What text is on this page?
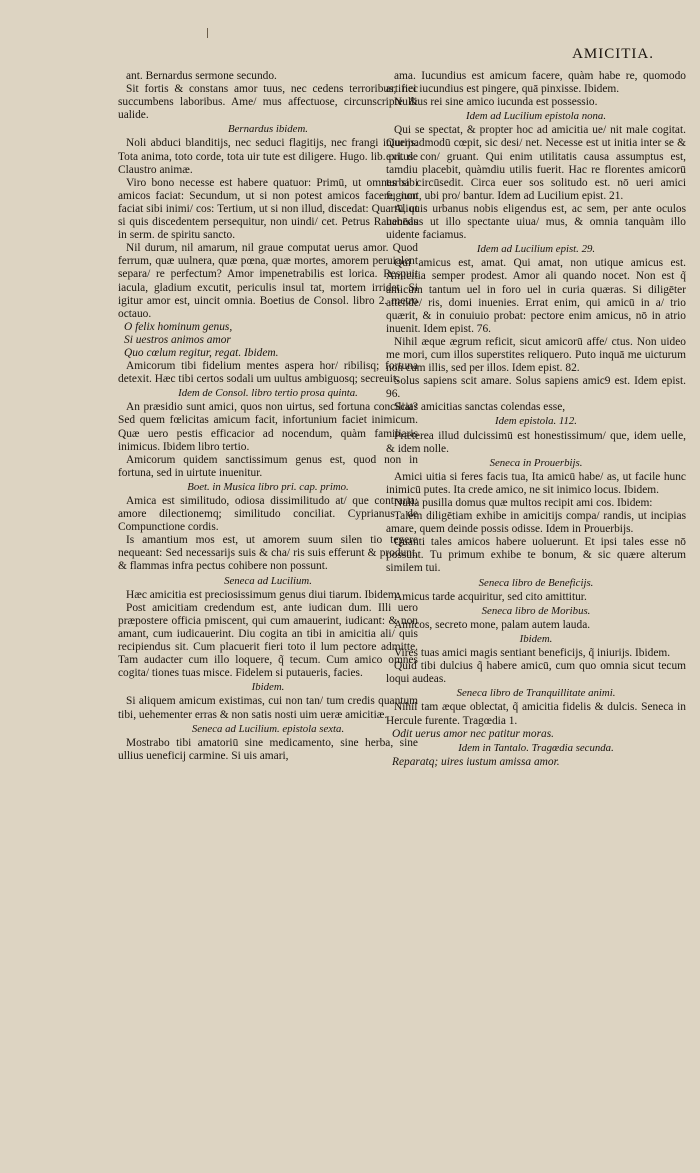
AMICITIA.

ant. Bernardus sermone secundo.

Sit fortis & constans amor tuus, nec cedens terroribus, nec succumbens laboribus. Ame/ mus affectuose, circunscripte & ualide.

Bernardus ibidem.

Noli abduci blanditijs, nec seduci flagitijs, nec frangi iniurijs. Tota anima, toto corde, tota uir tute est diligere. Hugo. lib. pri. de Claustro animæ.

Viro bono necesse est habere quatuor: Primū, ut omnes sibi amicos faciat: Secundum, ut si non potest amicos facere, non faciat sibi inimi/ cos: Tertium, ut si non illud, discedat: Quartū, ut si quis discedentem persequitur, non uindi/ cet. Petrus Rauennas in serm. de spiritu sancto.

Nil durum, nil amarum, nil graue computat uerus amor. Quod ferrum, quæ uulnera, quæ pœna, quæ mortes, amorem peruialent separa/ re perfectum? Amor impenetrabilis est lorica. Respuit iacula, gladium excutit, periculis insul tat, mortem irridet. Si igitur amor est, uincit omnia. Boetius de Consol. libro 2. metro octauo.

O felix hominum genus,

Si uestros animos amor

Quo cœlum regitur, regat. Ibidem.

Amicorum tibi fidelium mentes aspera hor/ ribilisq; fortuna detexit. Hæc tibi certos sodali um uultus ambiguosq; secreuit.

Idem de Consol. libro tertio prosa quinta.

An præsidio sunt amici, quos non uirtus, sed fortuna conciliat? Sed quem fœlicitas amicum facit, infortunium faciet inimicum. Quæ uero pestis efficacior ad nocendum, quàm familiaris inimicus. Ibidem libro tertio.

Amicorum quidem sanctissimum genus est, quod non in fortuna, sed in uirtute inuenitur.

Boet. in Musica libro pri. cap. primo.

Amica est similitudo, odiosa dissimilitudo at/ que contraria: amore dilectionemq; similitudo conciliat. Cyprianus de Compunctione cordis.

Is amantium mos est, ut amorem suum silen tio tegere nequeant: Sed necessarijs suis & cha/ ris suis efferunt & produnt, & flammas infra pectus cohibere non possunt.

Seneca ad Lucilium.

Hæc amicitia est preciosissimum genus diui tiarum. Ibidem.

Post amicitiam credendum est, ante iudican dum. Illi uero præpostere officia pmiscent, qui cum amauerint, iudicant: & non amant, cum iudicauerint. Diu cogita an tibi in amicitia ali/ quis recipiendus sit. Cum placuerit fieri toto il lum pectore admitte. Tam audacter cum illo loquere, q̃ tecum. Cum amico omnes cogita/ tiones tuas misce. Fidelem si putaueris, facies.

Ibidem.

Si aliquem amicum existimas, cui non tan/ tum credis quantum tibi, uehementer erras & non satis nosti uim ueræ amicitiæ.

Seneca ad Lucilium. epistola sexta.

Mostrabo tibi amatoriū sine medicamento, sine herba, sine ullius ueneficij carmine. Si uis amari,

ama. Iucundius est amicum facere, quàm habe re, quomodo artifici iucundius est pingere, quā pinxisse. Ibidem.

Nullius rei sine amico iucunda est possessio.

Idem ad Lucilium epistola nona.

Qui se spectat, & propter hoc ad amicitia ue/ nit male cogitat. Quemadmodū cœpit, sic desi/ net. Necesse est ut initia inter se & exitus con/ gruant. Qui enim utilitatis causa assumptus est, tamdiu placebit, quàmdiu utilis fuerit. Hac re florentes amicorū turba circūsedit. Circa euer sos solitudo est. nō ueri amici fugiunt, ubi pro/ bantur. Idem ad Lucilium epist. 21.

Aliquis urbanus nobis eligendus est, ac sem, per ante oculos habēdus ut illo spectante uiua/ mus, & omnia tanquàm illo uidente faciamus.

Idem ad Lucilium epist. 29.

Qui amicus est, amat. Qui amat, non utique amicus est. Amicitia semper prodest. Amor ali quando nocet. Non est q̃ amicum tantum uel in foro uel in curia quæras. Si diligēter attende/ ris, domi inuenies. Errat enim, qui amicū in a/ trio quærit, & in conuiuio probat: pectore enim amicus, nō in atrio inuenit. Idem epist. 76.

Nihil æque ægrum reficit, sicut amicorū affe/ ctus. Non uideo me mori, cum illos superstites reliquero. Puto inquā me uicturum non cum illis, sed per illos. Idem epist. 82.

Solus sapiens scit amare. Solus sapiens amic9 est. Idem epist. 96.

Scias amicitias sanctas colendas esse,

Idem epistola. 112.

Prætereа illud dulcissimū est honestissimum/ que, idem uelle, & idem nolle.

Seneca in Prouerbijs.

Amici uitia si feres facis tua, Ita amicū habe/ as, ut facile hunc inimicū putes. Ita crede amico, ne sit inimico locus. Ibidem.

Nulla pusilla domus quæ multos recipit ami cos. Ibidem:

Talem diligētiam exhibe in amicitijs compa/ randis, ut incipias amare, quem deinde possis odisse. Idem in Prouerbijs.

Quanti tales amicos habere uoluerunt. Et ipsi tales esse nō possunt. Tu primum exhibe te bonum, & sic quære alterum similem tui.

Seneca libro de Beneficijs.

Amicus tarde acquiritur, sed cito amittitur.

Seneca libro de Moribus.

Amicos, secreto mone, palam autem lauda.

Ibidem.

Vires tuas amici magis sentiant beneficijs, q̃ iniurijs. Ibidem.

Quid tibi dulcius q̃ habere amicū, cum quo omnia sicut tecum loqui audeas.

Seneca libro de Tranquillitate animi.

Nihil tam æque oblectat, q̃ amicitia fidelis & dulcis. Seneca in Hercule furente. Tragœdia 1.

Odit uerus amor nec patitur moras.

Idem in Tantalo. Tragœdia secunda.

Reparatq; uires iustum amissa amor.
